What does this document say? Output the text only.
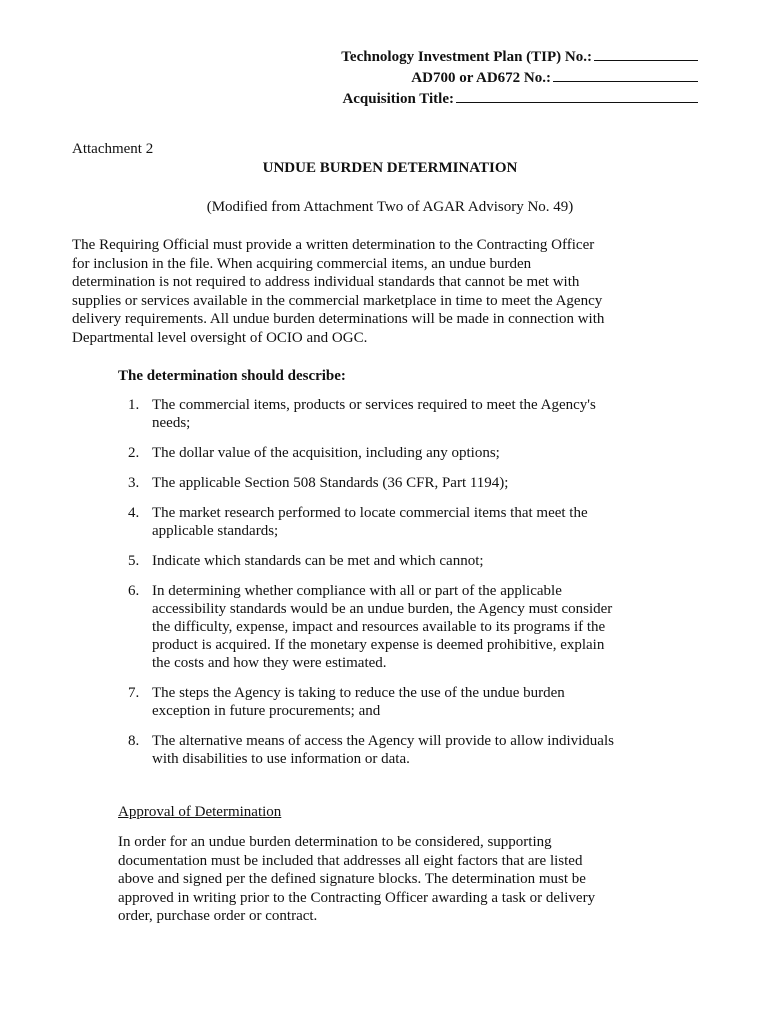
Technology Investment Plan (TIP) No.:
AD700 or AD672 No.:
Acquisition Title:
Attachment 2
UNDUE BURDEN DETERMINATION
(Modified from Attachment Two of AGAR Advisory No. 49)

The Requiring Official must provide a written determination to the Contracting Officer for inclusion in the file. When acquiring commercial items, an undue burden determination is not required to address individual standards that cannot be met with supplies or services available in the commercial marketplace in time to meet the Agency delivery requirements. All undue burden determinations will be made in connection with Departmental level oversight of OCIO and OGC.

The determination should describe:
1. The commercial items, products or services required to meet the Agency's needs;
2. The dollar value of the acquisition, including any options;
3. The applicable Section 508 Standards (36 CFR, Part 1194);
4. The market research performed to locate commercial items that meet the applicable standards;
5. Indicate which standards can be met and which cannot;
6. In determining whether compliance with all or part of the applicable accessibility standards would be an undue burden, the Agency must consider the difficulty, expense, impact and resources available to its programs if the product is acquired. If the monetary expense is deemed prohibitive, explain the costs and how they were estimated.
7. The steps the Agency is taking to reduce the use of the undue burden exception in future procurements; and
8. The alternative means of access the Agency will provide to allow individuals with disabilities to use information or data.
Approval of Determination

In order for an undue burden determination to be considered, supporting documentation must be included that addresses all eight factors that are listed above and signed per the defined signature blocks. The determination must be approved in writing prior to the Contracting Officer awarding a task or delivery order, purchase order or contract.
